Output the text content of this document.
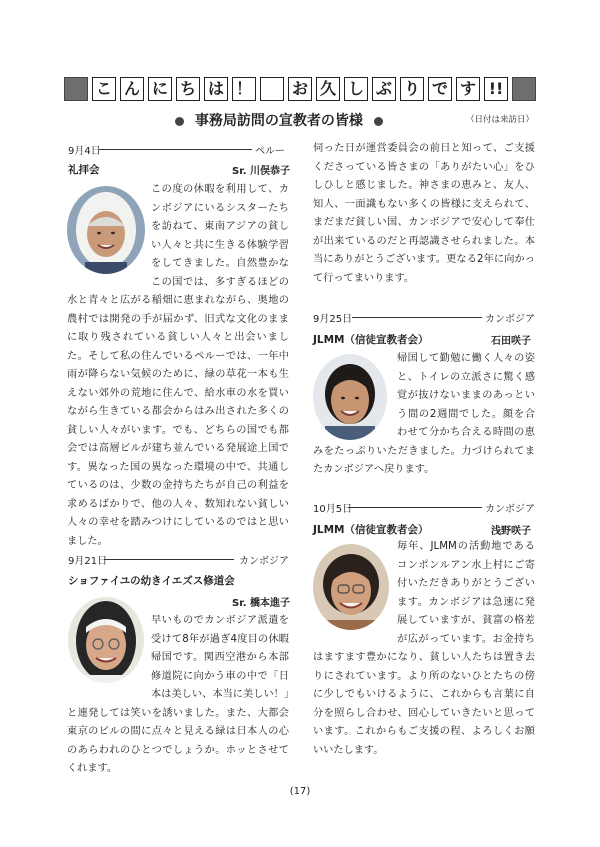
こ ん に ち は ！ お 久 し ぶ り で す !!
事務局訪問の宣教者の皆様	（日付は来訪日）
9月4日	ペルー
礼拝会	Sr. 川俣恭子

この度の休暇を利用して、カンボジアにいるシスターたちを訪ねて、東南アジアの貧しい人々と共に生きる体験学習をしてきました。自然豊かなこの国では、多すぎるほどの水と青々と広がる稲畑に恵まれながら、奥地の農村では開発の手が届かず、旧式な文化のままに取り残されている貧しい人々と出会いました。そして私の住んでいるペルーでは、一年中雨が降らない気候のために、緑の草花一本も生えない郊外の荒地に住んで、給水車の水を買いながら生きている都会からはみ出された多くの貧しい人々がいます。でも、どちらの国でも都会では高層ビルが建ち並んでいる発展途上国です。異なった国の異なった環境の中で、共通しているのは、少数の金持ちたちが自己の利益を求めるばかりで、他の人々、数知れない貧しい人々の幸せを踏みつけにしているのではと思いました。

9月21日	カンボジア
ショファイユの幼きイエズス修道会
Sr. 橋本進子

早いものでカンボジア派遣を受けて8年が過ぎ4度目の休暇帰国です。関西空港から本部修道院に向かう車の中で「日本は美しい、本当に美しい！」と連発しては笑いを誘いました。また、大都会東京のビルの間に点々と見える緑は日本人の心のあらわれのひとつでしょうか。ホッとさせてくれます。

伺った日が運営委員会の前日と知って、ご支援くださっている皆さまの「ありがたい心」をひしひしと感じました。神さまの恵みと、友人、知人、一面識もない多くの皆様に支えられて、まだまだ貧しい国、カンボジアで安心して奉仕が出来ているのだと再認識させられました。本当にありがとうございます。更なる2年に向かって行ってまいります。

9月25日	カンボジア
JLMM（信徒宣教者会）	石田咲子

帰国して勤勉に働く人々の姿と、トイレの立派さに驚く感覚が抜けないままのあっという間の2週間でした。顔を合わせて分かち合える時間の恵みをたっぷりいただきました。力づけられてまたカンボジアへ戻ります。

10月5日	カンボジア
JLMM（信徒宣教者会）	浅野咲子

毎年、JLMMの活動地であるコンポンルアン水上村にご寄付いただきありがとうございます。カンボジアは急速に発展していますが、貧富の格差が広がっています。お金持ちはますます豊かになり、貧しい人たちは置き去りにされています。より所のないひとたちの傍に少しでもいけるように、これからも言葉に自分を照らし合わせ、回心していきたいと思っています。これからもご支援の程、よろしくお願いいたします。

(17)
